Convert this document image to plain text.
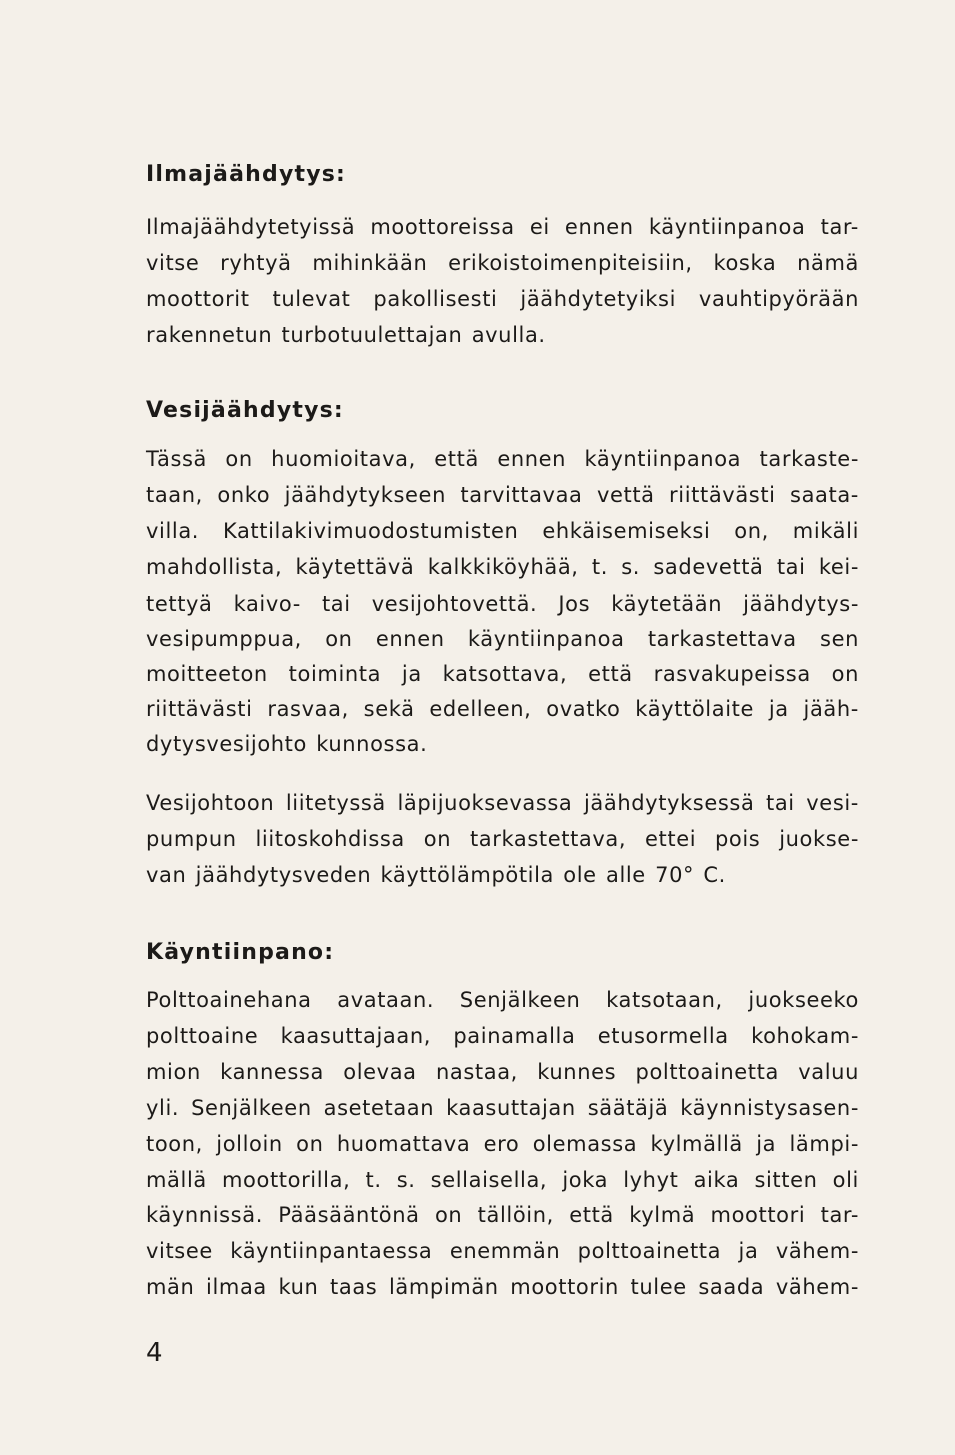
Ilmajäähdytys:

Ilmajäähdytetyissä moottoreissa ei ennen käyntiinpanoa tar-

vitse ryhtyä mihinkään erikoistoimenpiteisiin, koska nämä

moottorit tulevat pakollisesti jäähdytetyiksi vauhtipyörään

rakennetun turbotuulettajan avulla.

Vesijäähdytys:

Tässä on huomioitava, että ennen käyntiinpanoa tarkaste-

taan, onko jäähdytykseen tarvittavaa vettä riittävästi saata-

villa. Kattilakivimuodostumisten ehkäisemiseksi on, mikäli

mahdollista, käytettävä kalkkiköyhää, t. s. sadevettä tai kei-

tettyä kaivo- tai vesijohtovettä. Jos käytetään jäähdytys-

vesipumppua, on ennen käyntiinpanoa tarkastettava sen

moitteeton toiminta ja katsottava, että rasvakupeissa on

riittävästi rasvaa, sekä edelleen, ovatko käyttölaite ja jääh-

dytysvesijohto kunnossa.

Vesijohtoon liitetyssä läpijuoksevassa jäähdytyksessä tai vesi-

pumpun liitoskohdissa on tarkastettava, ettei pois juokse-

van jäähdytysveden käyttölämpötila ole alle 70° C.

Käyntiinpano:

Polttoainehana avataan. Senjälkeen katsotaan, juokseeko

polttoaine kaasuttajaan, painamalla etusormella kohokam-

mion kannessa olevaa nastaa, kunnes polttoainetta valuu

yli. Senjälkeen asetetaan kaasuttajan säätäjä käynnistysasen-

toon, jolloin on huomattava ero olemassa kylmällä ja lämpi-

mällä moottorilla, t. s. sellaisella, joka lyhyt aika sitten oli

käynnissä. Pääsääntönä on tällöin, että kylmä moottori tar-

vitsee käyntiinpantaessa enemmän polttoainetta ja vähem-

män ilmaa kun taas lämpimän moottorin tulee saada vähem-

4
